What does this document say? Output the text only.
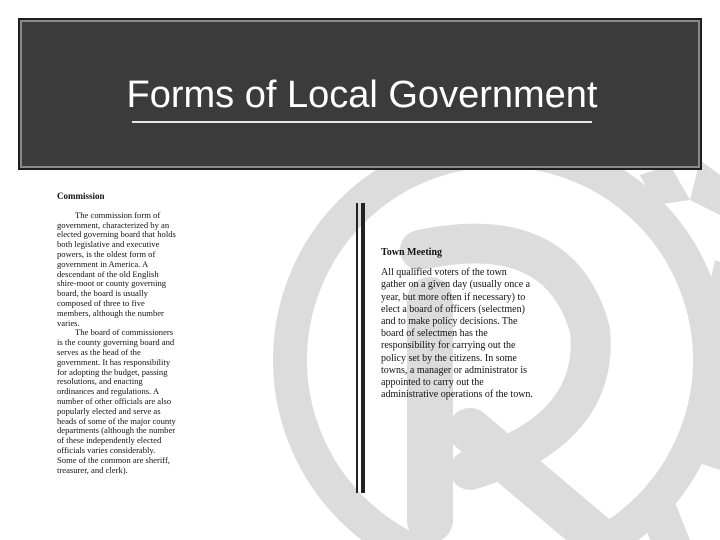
Forms of Local Government
Commission

The commission form of government, characterized by an elected governing board that holds both legislative and executive powers, is the oldest form of government in America. A descendant of the old English shire-moot or county governing board, the board is usually composed of three to five members, although the number varies.

The board of commissioners is the county governing board and serves as the head of the government. It has responsibility for adopting the budget, passing resolutions, and enacting ordinances and regulations. A number of other officials are also popularly elected and serve as heads of some of the major county departments (although the number of these independently elected officials varies considerably. Some of the common are sheriff, treasurer, and clerk).

Town Meeting

All qualified voters of the town gather on a given day (usually once a year, but more often if necessary) to elect a board of officers (selectmen) and to make policy decisions. The board of selectmen has the responsibility for carrying out the policy set by the citizens. In some towns, a manager or administrator is appointed to carry out the administrative operations of the town.
